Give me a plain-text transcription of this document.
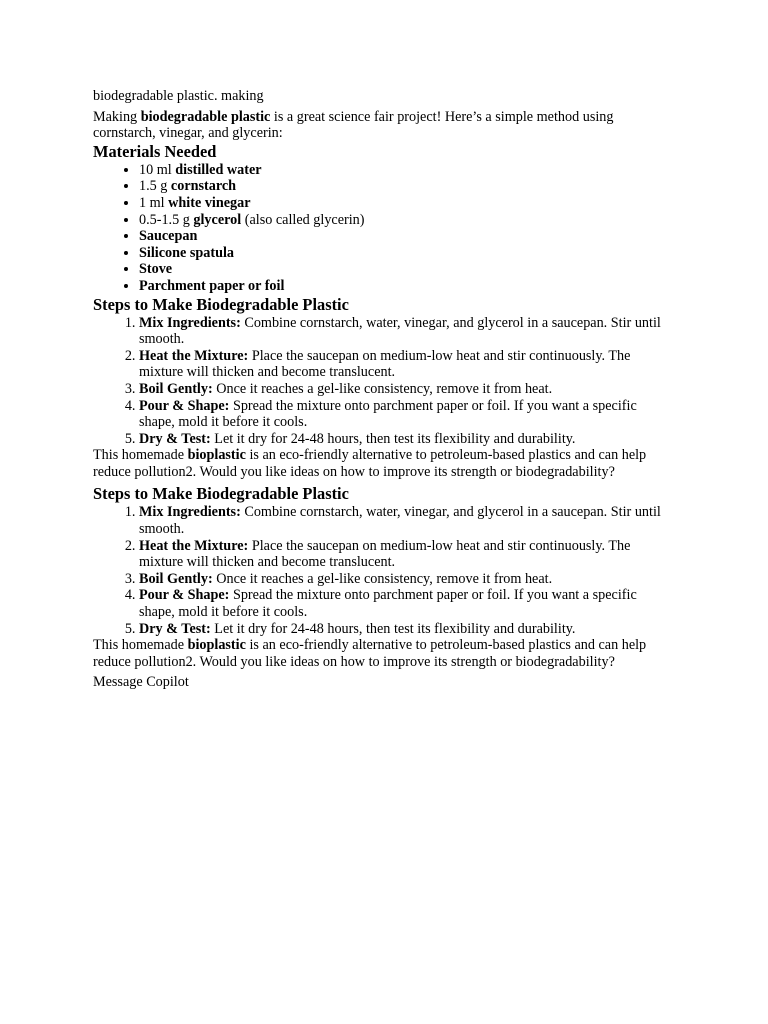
biodegradable plastic. making

Making biodegradable plastic is a great science fair project! Here’s a simple method using cornstarch, vinegar, and glycerin:

Materials Needed
• 10 ml distilled water
• 1.5 g cornstarch
• 1 ml white vinegar
• 0.5-1.5 g glycerol (also called glycerin)
• Saucepan
• Silicone spatula
• Stove
• Parchment paper or foil
Steps to Make Biodegradable Plastic
1. Mix Ingredients: Combine cornstarch, water, vinegar, and glycerol in a saucepan. Stir until smooth.
2. Heat the Mixture: Place the saucepan on medium-low heat and stir continuously. The mixture will thicken and become translucent.
3. Boil Gently: Once it reaches a gel-like consistency, remove it from heat.
4. Pour & Shape: Spread the mixture onto parchment paper or foil. If you want a specific shape, mold it before it cools.
5. Dry & Test: Let it dry for 24-48 hours, then test its flexibility and durability.

This homemade bioplastic is an eco-friendly alternative to petroleum-based plastics and can help reduce pollution2. Would you like ideas on how to improve its strength or biodegradability?

Steps to Make Biodegradable Plastic
1. Mix Ingredients: Combine cornstarch, water, vinegar, and glycerol in a saucepan. Stir until smooth.
2. Heat the Mixture: Place the saucepan on medium-low heat and stir continuously. The mixture will thicken and become translucent.
3. Boil Gently: Once it reaches a gel-like consistency, remove it from heat.
4. Pour & Shape: Spread the mixture onto parchment paper or foil. If you want a specific shape, mold it before it cools.
5. Dry & Test: Let it dry for 24-48 hours, then test its flexibility and durability.

This homemade bioplastic is an eco-friendly alternative to petroleum-based plastics and can help reduce pollution2. Would you like ideas on how to improve its strength or biodegradability?

Message Copilot
